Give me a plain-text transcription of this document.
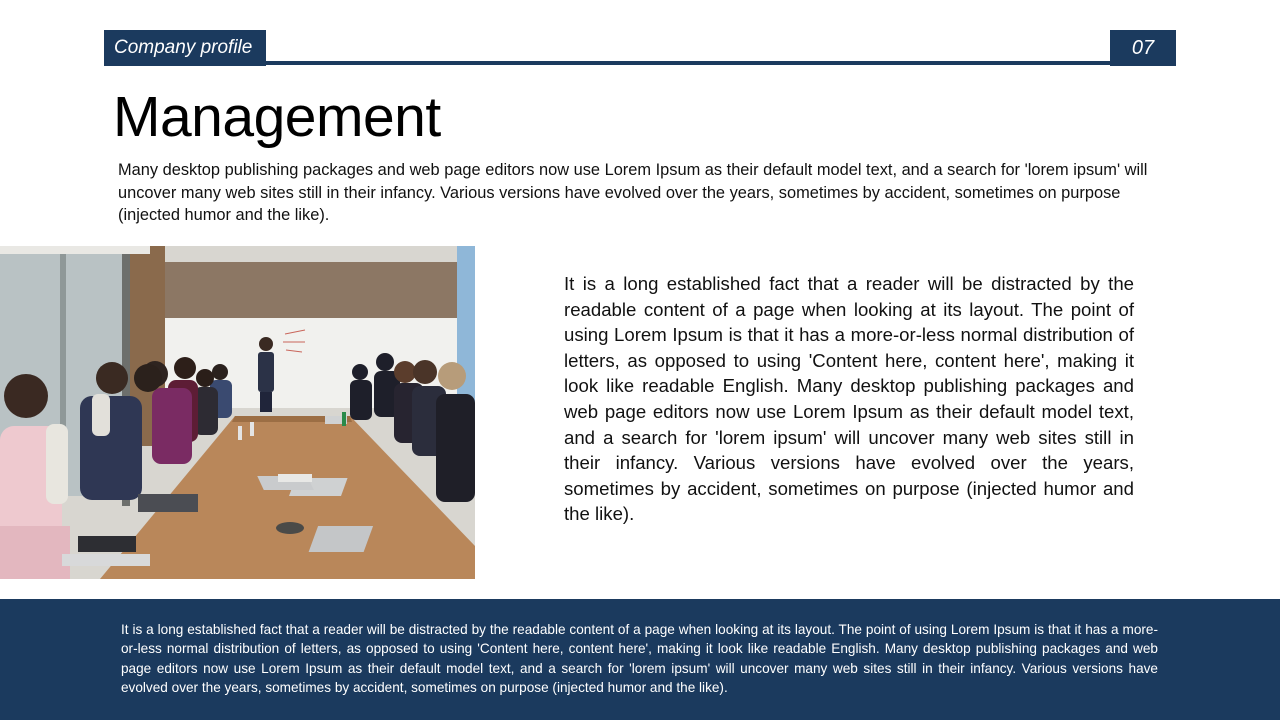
Company profile	07
Management

Many desktop publishing packages and web page editors now use Lorem Ipsum as their default model text, and a search for 'lorem ipsum' will uncover many web sites still in their infancy. Various versions have evolved over the years, sometimes by accident, sometimes on purpose (injected humor and the like).

It is a long established fact that a reader will be distracted by the readable content of a page when looking at its layout. The point of using Lorem Ipsum is that it has a more-or-less normal distribution of letters, as opposed to using 'Content here, content here', making it look like readable English. Many desktop publishing packages and web page editors now use Lorem Ipsum as their default model text, and a search for 'lorem ipsum' will uncover many web sites still in their infancy. Various versions have evolved over the years, sometimes by accident, sometimes on purpose (injected humor and the like).

It is a long established fact that a reader will be distracted by the readable content of a page when looking at its layout. The point of using Lorem Ipsum is that it has a more-or-less normal distribution of letters, as opposed to using 'Content here, content here', making it look like readable English. Many desktop publishing packages and web page editors now use Lorem Ipsum as their default model text, and a search for 'lorem ipsum' will uncover many web sites still in their infancy. Various versions have evolved over the years, sometimes by accident, sometimes on purpose (injected humor and the like).
